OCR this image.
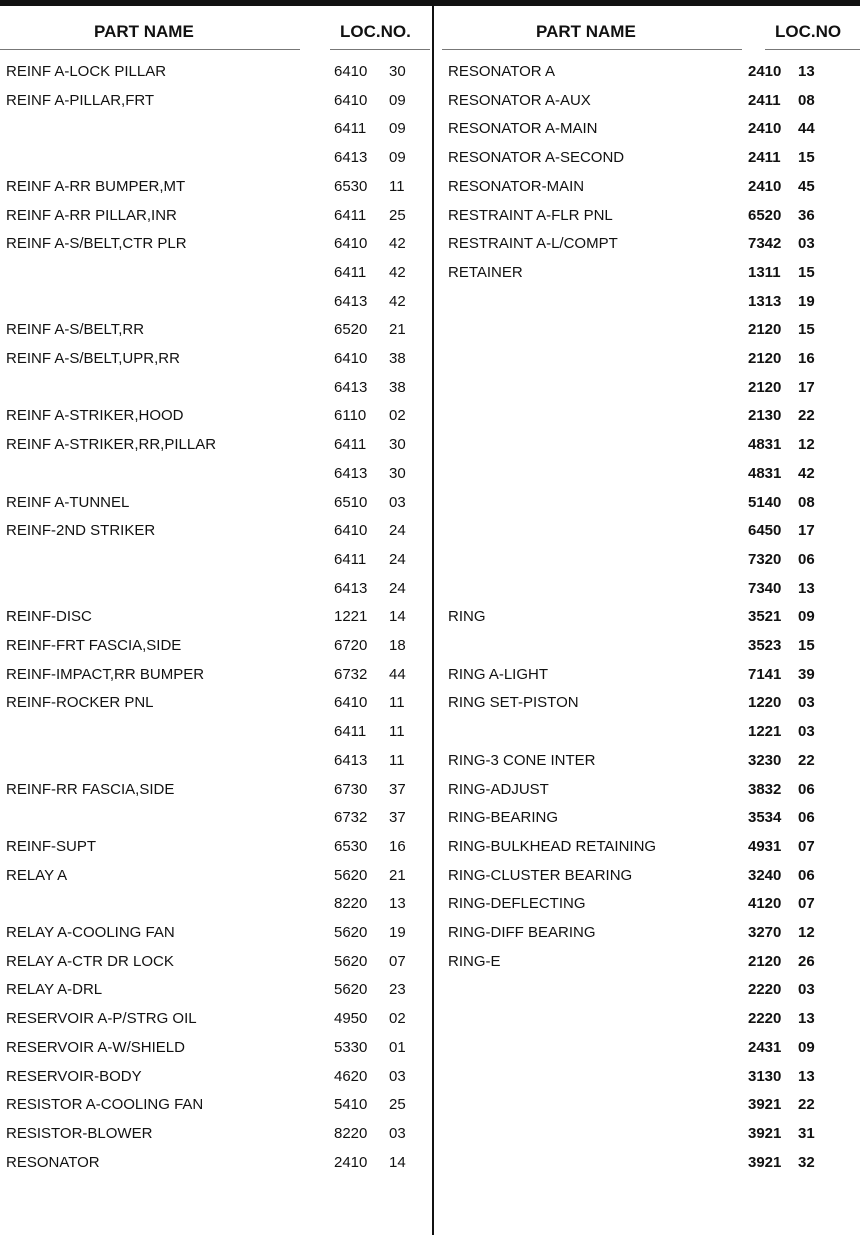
PART NAME	LOC.NO.	PART NAME	LOC.NO
REINF A-LOCK PILLAR	6410 30
REINF A-PILLAR,FRT	6410 09
6411 09
6413 09
REINF A-RR BUMPER,MT	6530 11
REINF A-RR PILLAR,INR	6411 25
REINF A-S/BELT,CTR PLR	6410 42
6411 42
6413 42
REINF A-S/BELT,RR	6520 21
REINF A-S/BELT,UPR,RR	6410 38
6413 38
REINF A-STRIKER,HOOD	6110 02
REINF A-STRIKER,RR,PILLAR	6411 30
6413 30
REINF A-TUNNEL	6510 03
REINF-2ND STRIKER	6410 24
6411 24
6413 24
REINF-DISC	1221 14
REINF-FRT FASCIA,SIDE	6720 18
REINF-IMPACT,RR BUMPER	6732 44
REINF-ROCKER PNL	6410 11
6411 11
6413 11
REINF-RR FASCIA,SIDE	6730 37
6732 37
REINF-SUPT	6530 16
RELAY A	5620 21
8220 13
RELAY A-COOLING FAN	5620 19
RELAY A-CTR DR LOCK	5620 07
RELAY A-DRL	5620 23
RESERVOIR A-P/STRG OIL	4950 02
RESERVOIR A-W/SHIELD	5330 01
RESERVOIR-BODY	4620 03
RESISTOR A-COOLING FAN	5410 25
RESISTOR-BLOWER	8220 03
RESONATOR	2410 14
RESONATOR A	2410 13
RESONATOR A-AUX	2411 08
RESONATOR A-MAIN	2410 44
RESONATOR A-SECOND	2411 15
RESONATOR-MAIN	2410 45
RESTRAINT A-FLR PNL	6520 36
RESTRAINT A-L/COMPT	7342 03
RETAINER	1311 15
1313 19
2120 15
2120 16
2120 17
2130 22
4831 12
4831 42
5140 08
6450 17
7320 06
7340 13
RING	3521 09
3523 15
RING A-LIGHT	7141 39
RING SET-PISTON	1220 03
1221 03
RING-3 CONE INTER	3230 22
RING-ADJUST	3832 06
RING-BEARING	3534 06
RING-BULKHEAD RETAINING	4931 07
RING-CLUSTER BEARING	3240 06
RING-DEFLECTING	4120 07
RING-DIFF BEARING	3270 12
RING-E	2120 26
2220 03
2220 13
2431 09
3130 13
3921 22
3921 31
3921 32
